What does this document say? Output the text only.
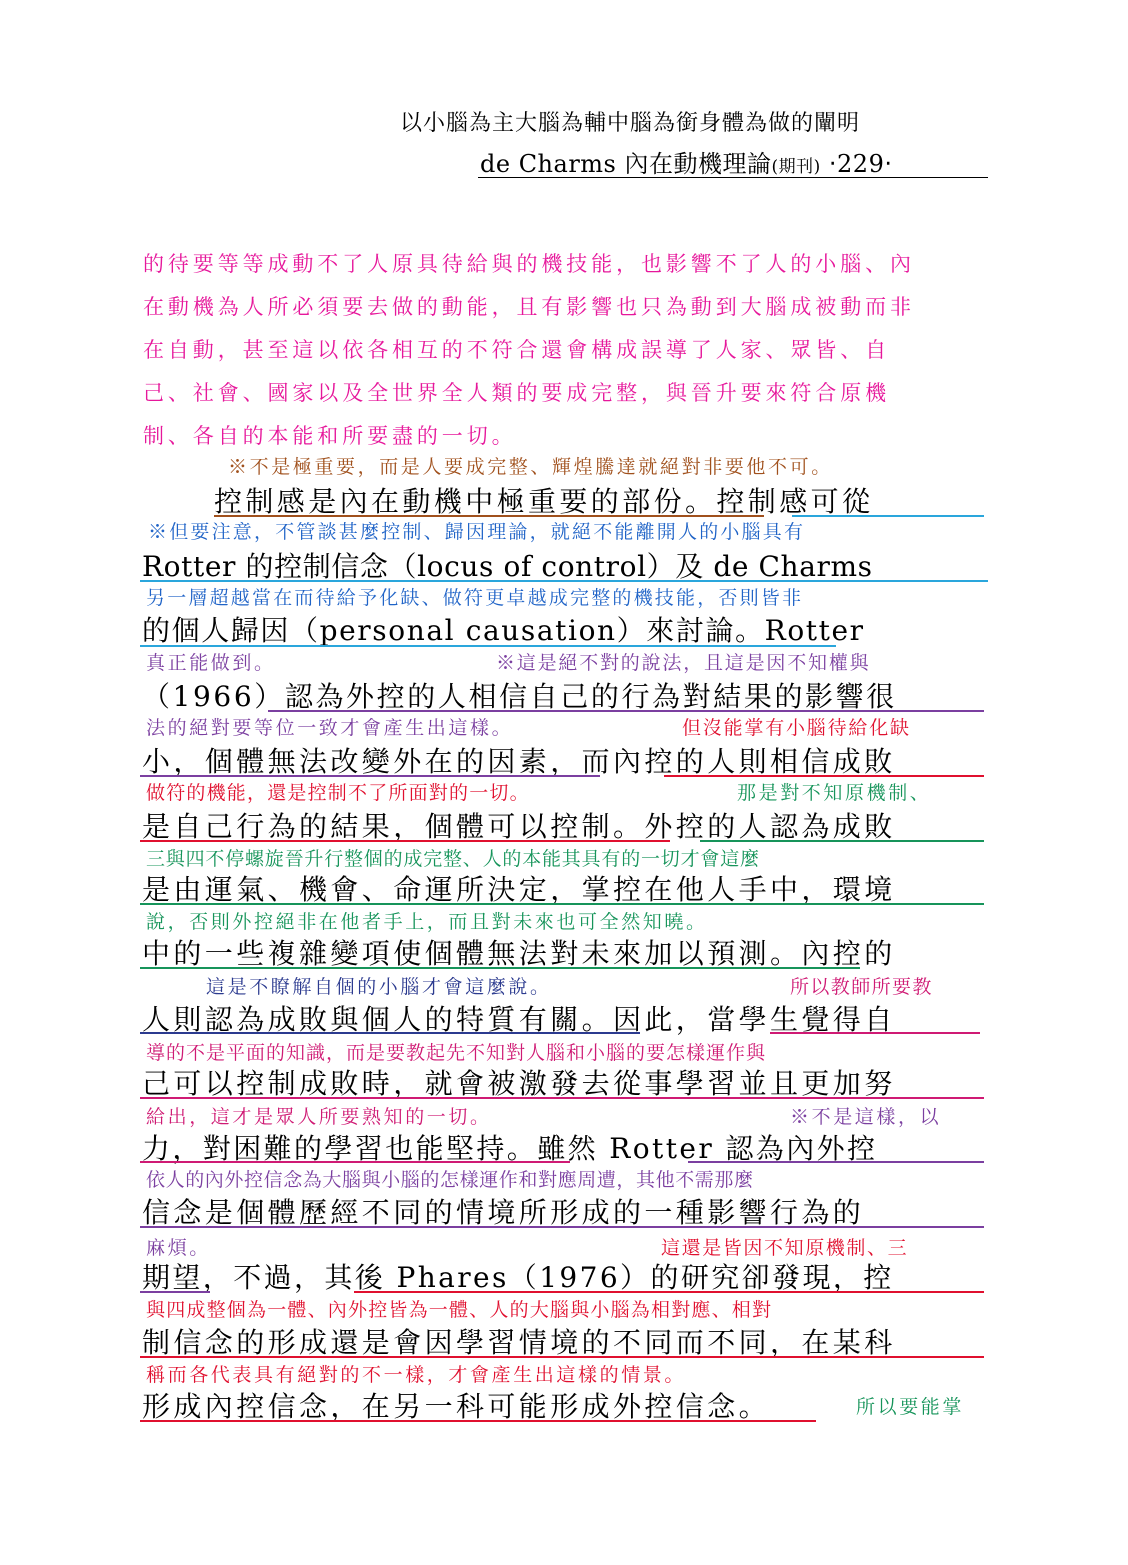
以小腦為主大腦為輔中腦為銜身體為做的闡明
de Charms 內在動機理論(期刊) ‧229‧
的待要等等成動不了人原具待給與的機技能，也影響不了人的小腦、內
在動機為人所必須要去做的動能，且有影響也只為動到大腦成被動而非
在自動，甚至這以依各相互的不符合還會構成誤導了人家、眾皆、自
己、社會、國家以及全世界全人類的要成完整，與晉升要來符合原機
制、各自的本能和所要盡的一切。
※不是極重要，而是人要成完整、輝煌騰達就絕對非要他不可。
※但要注意，不管談甚麼控制、歸因理論，就絕不能離開人的小腦具有
另一層超越當在而待給予化缺、做符更卓越成完整的機技能，否則皆非
真正能做到。	※這是絕不對的說法，且這是因不知權與
法的絕對要等位一致才會產生出這樣。	但沒能掌有小腦待給化缺
做符的機能，還是控制不了所面對的一切。	那是對不知原機制、
三與四不停螺旋晉升行整個的成完整、人的本能其具有的一切才會這麼
說，否則外控絕非在他者手上，而且對未來也可全然知曉。
這是不瞭解自個的小腦才會這麼說。	所以教師所要教
導的不是平面的知識，而是要教起先不知對人腦和小腦的要怎樣運作與
給出，這才是眾人所要熟知的一切。	※不是這樣，以
依人的內外控信念為大腦與小腦的怎樣運作和對應周遭，其他不需那麼
麻煩。	這還是皆因不知原機制、三
與四成整個為一體、內外控皆為一體、人的大腦與小腦為相對應、相對
稱而各代表具有絕對的不一樣，才會產生出這樣的情景。
控制感是內在動機中極重要的部份。控制感可從
Rotter 的控制信念（locus of control）及 de Charms
的個人歸因（personal causation）來討論。Rotter
（1966）認為外控的人相信自己的行為對結果的影響很
小，個體無法改變外在的因素，而內控的人則相信成敗
是自己行為的結果，個體可以控制。外控的人認為成敗
是由運氣、機會、命運所決定，掌控在他人手中，環境
中的一些複雜變項使個體無法對未來加以預測。內控的
人則認為成敗與個人的特質有關。因此，當學生覺得自
己可以控制成敗時，就會被激發去從事學習並且更加努
力，對困難的學習也能堅持。雖然 Rotter 認為內外控
信念是個體歷經不同的情境所形成的一種影響行為的
期望，不過，其後 Phares（1976）的研究卻發現，控
制信念的形成還是會因學習情境的不同而不同，在某科
形成內控信念，在另一科可能形成外控信念。	所以要能掌
